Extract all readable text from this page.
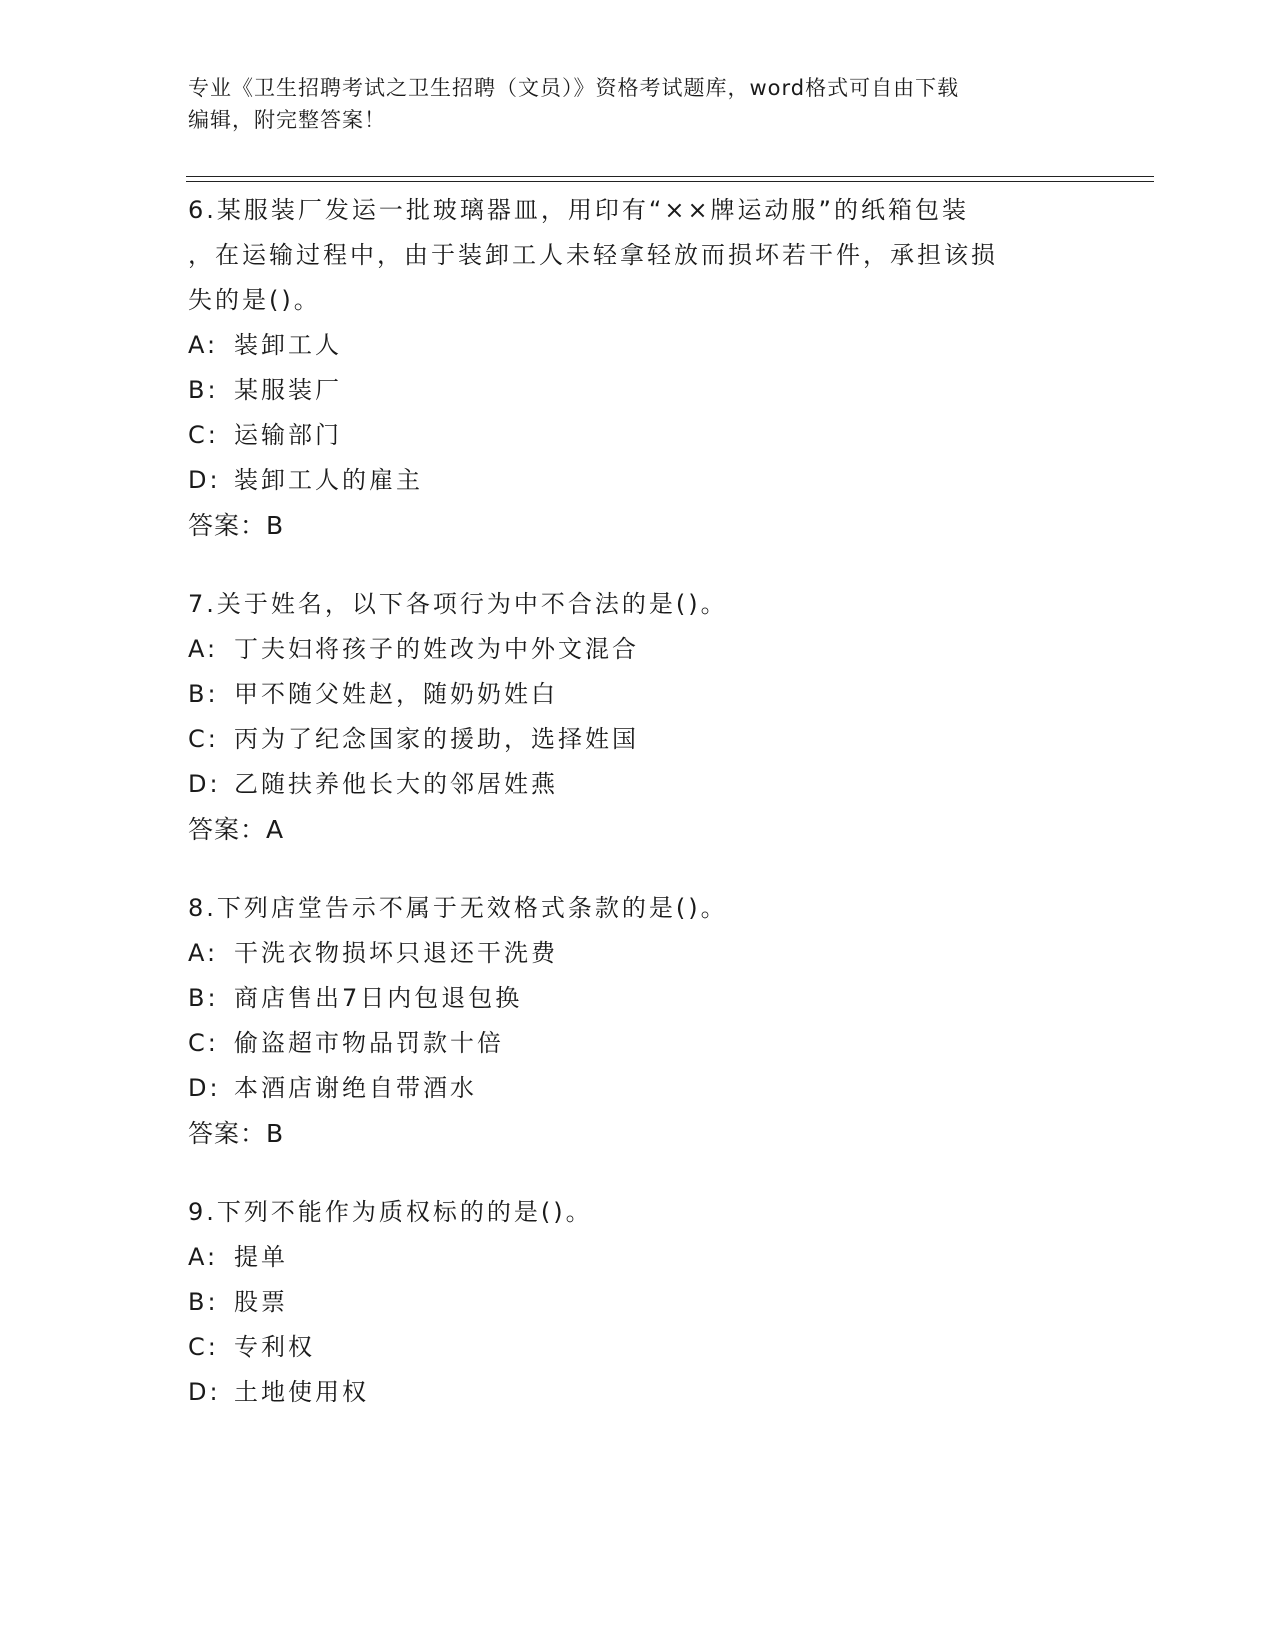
专业《卫生招聘考试之卫生招聘（文员）》资格考试题库，word格式可自由下载
编辑，附完整答案！

6.某服装厂发运一批玻璃器皿，用印有“××牌运动服”的纸箱包装

，在运输过程中，由于装卸工人未轻拿轻放而损坏若干件，承担该损

失的是()。

A: 装卸工人

B: 某服装厂

C: 运输部门

D: 装卸工人的雇主

答案：B

7.关于姓名，以下各项行为中不合法的是()。

A: 丁夫妇将孩子的姓改为中外文混合

B: 甲不随父姓赵，随奶奶姓白

C: 丙为了纪念国家的援助，选择姓国

D: 乙随扶养他长大的邻居姓燕

答案：A

8.下列店堂告示不属于无效格式条款的是()。

A: 干洗衣物损坏只退还干洗费

B: 商店售出7日内包退包换

C: 偷盗超市物品罚款十倍

D: 本酒店谢绝自带酒水

答案：B

9.下列不能作为质权标的的是()。

A: 提单

B: 股票

C: 专利权

D: 土地使用权
